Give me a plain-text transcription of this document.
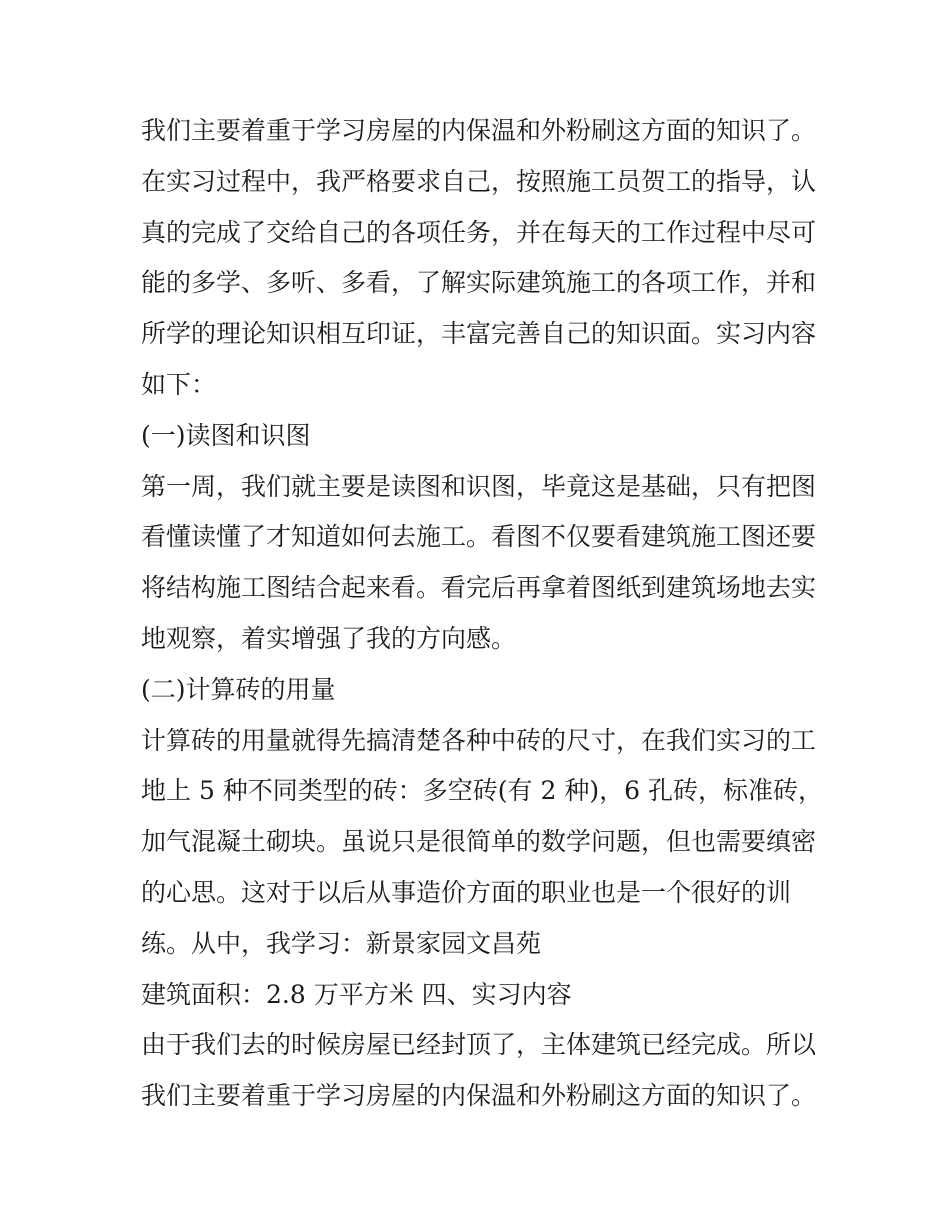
我们主要着重于学习房屋的内保温和外粉刷这方面的知识了。
在实习过程中，我严格要求自己，按照施工员贺工的指导，认
真的完成了交给自己的各项任务，并在每天的工作过程中尽可
能的多学、多听、多看，了解实际建筑施工的各项工作，并和
所学的理论知识相互印证，丰富完善自己的知识面。实习内容
如下：
(一)读图和识图
第一周，我们就主要是读图和识图，毕竟这是基础，只有把图
看懂读懂了才知道如何去施工。看图不仅要看建筑施工图还要
将结构施工图结合起来看。看完后再拿着图纸到建筑场地去实
地观察，着实增强了我的方向感。
(二)计算砖的用量
计算砖的用量就得先搞清楚各种中砖的尺寸，在我们实习的工
地上 5 种不同类型的砖：多空砖(有 2 种)，6 孔砖，标准砖，
加气混凝土砌块。虽说只是很简单的数学问题，但也需要缜密
的心思。这对于以后从事造价方面的职业也是一个很好的训
练。从中，我学习：新景家园文昌苑
建筑面积：2.8 万平方米 四、实习内容
由于我们去的时候房屋已经封顶了，主体建筑已经完成。所以
我们主要着重于学习房屋的内保温和外粉刷这方面的知识了。
